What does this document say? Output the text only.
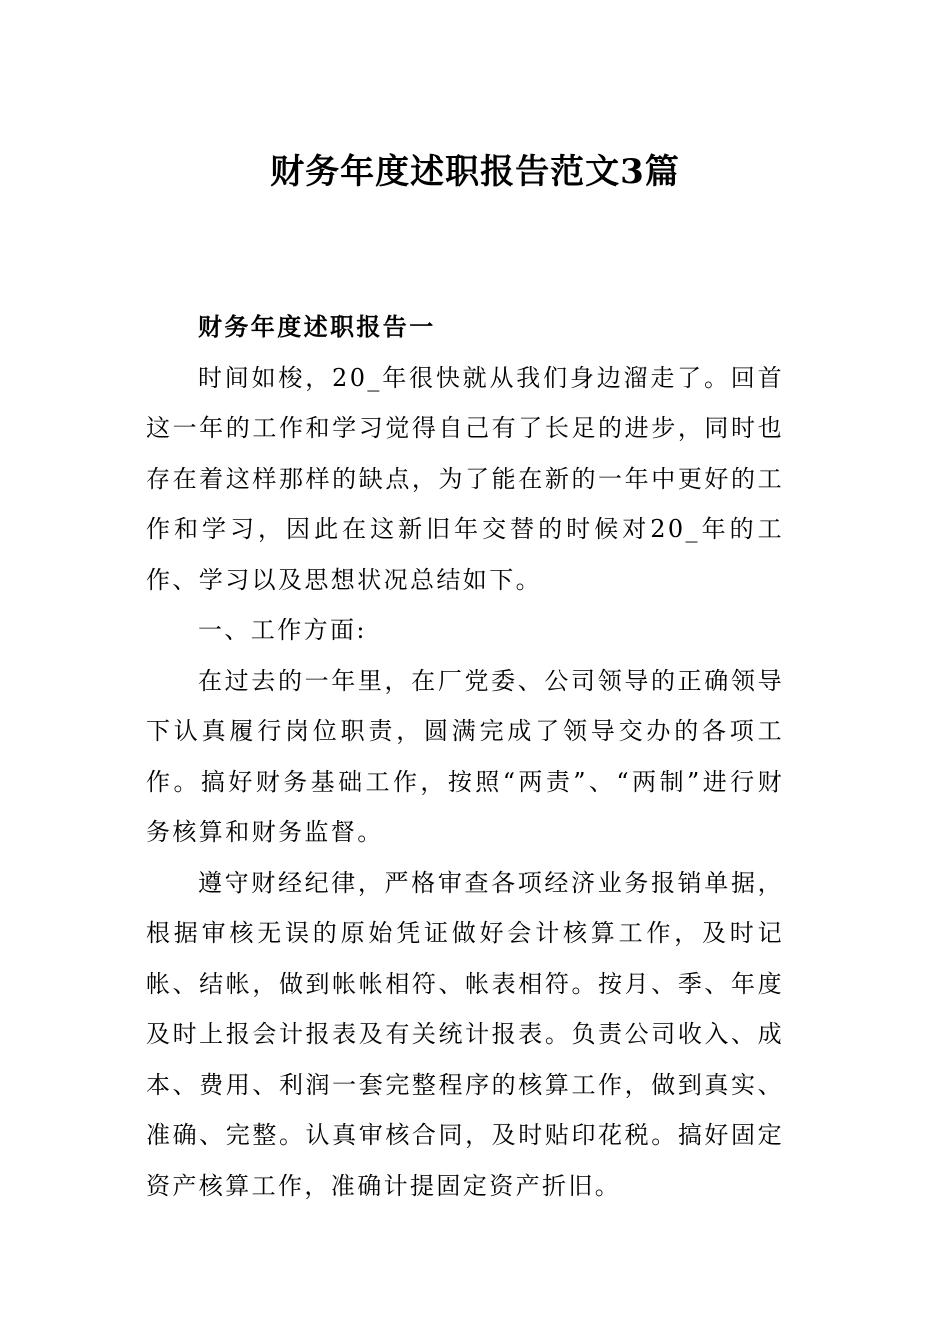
财务年度述职报告范文3篇

财务年度述职报告一

时间如梭，20_年很快就从我们身边溜走了。回首这一年的工作和学习觉得自己有了长足的进步，同时也存在着这样那样的缺点，为了能在新的一年中更好的工作和学习，因此在这新旧年交替的时候对20_年的工作、学习以及思想状况总结如下。

一、工作方面:

在过去的一年里，在厂党委、公司领导的正确领导下认真履行岗位职责，圆满完成了领导交办的各项工作。搞好财务基础工作，按照“两责”、“两制”进行财务核算和财务监督。

遵守财经纪律，严格审查各项经济业务报销单据，根据审核无误的原始凭证做好会计核算工作，及时记帐、结帐，做到帐帐相符、帐表相符。按月、季、年度及时上报会计报表及有关统计报表。负责公司收入、成本、费用、利润一套完整程序的核算工作，做到真实、准确、完整。认真审核合同，及时贴印花税。搞好固定资产核算工作，准确计提固定资产折旧。
